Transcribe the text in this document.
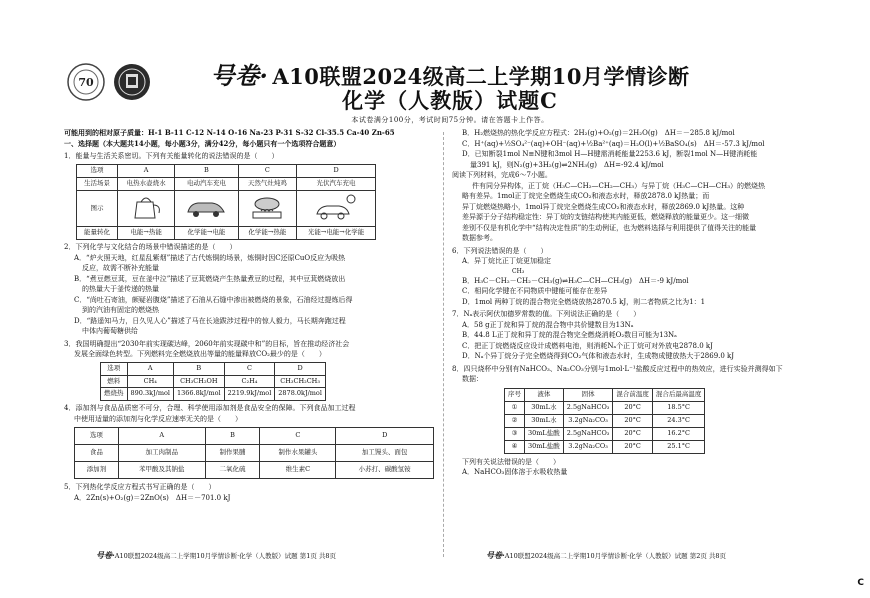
70	号卷· A10联盟2024级高二上学期10月学情诊断
化学（人教版）试题C
本试卷满分100分，考试时间75分钟。请在答题卡上作答。

可能用到的相对原子质量：H-1 B-11 C-12 N-14 O-16 Na-23 P-31 S-32 Cl-35.5 Ca-40 Zn-65

一、选择题（本大题共14小题，每小题3分，满分42分，每小题只有一个选项符合题意）

1．能量与生活关系密切。下列有关能量转化的说法错误的是（　　）

选项	A	B	C	D
生活场景	电热水壶烧水	电动汽车充电	天然气灶炖鸡	光伏汽车充电
图示				
能量转化	电能→热能	化学能→电能	化学能→热能	光能→电能→化学能

2．下列化学与文化结合的场景中错误描述的是（　　）

A．“炉火照天地，红星乱紫烟”描述了古代炼铜的场景，炼铜时因C还原CuO反应为吸热

反应，故需不断补充能量

B．“煮豆燃豆萁，豆在釜中泣”描述了豆萁燃烧产生热量煮豆的过程，其中豆萁燃烧放出

的热量大于釜传递的热量

C．“尚吐石寄油，颇疑岩腹烧”描述了石油从石缝中渗出被燃烧的景象，石油经过提炼后得

到的汽油有固定的燃烧热

D．“路遥知马力，日久见人心”描述了马在长途跋涉过程中的惊人毅力，马长期奔跑过程

中体内葡萄糖供给

3．我国明确提出“2030年前实现碳达峰，2060年前实现碳中和”的目标，旨在推动经济社会

发展全面绿色转型。下列燃料完全燃烧放出等量的能量释放CO₂最少的是（　　）

选项	A	B	C	D
燃料	CH₄	CH₃CH₂OH	C₂H₄	CH₃CH₂CH₃
燃烧热	890.3kJ/mol	1366.8kJ/mol	2219.9kJ/mol	2878.0kJ/mol

4．添加剂与食品品质密不可分，合理、科学使用添加剂是食品安全的保障。下列食品加工过程

中使用适量的添加剂与化学反应速率无关的是（　　）

选项	A	B	C	D
食品	加工肉制品	制作果脯	制作水果罐头	加工馒头、面包
添加剂	苯甲酸及其钠盐	二氧化硫	维生素C	小苏打、碳酸氢铵

5．下列热化学反应方程式书写正确的是（　　）

A．2Zn(s)+O₂(g)＝2ZnO(s)　ΔH＝－701.0 kJ

B．H₂燃烧热的热化学反应方程式：2H₂(g)+O₂(g)＝2H₂O(g)　ΔH＝－285.8 kJ/mol

C．H⁺(aq)+½SO₄²⁻(aq)+OH⁻(aq)+½Ba²⁺(aq)＝H₂O(l)+½BaSO₄(s)　ΔH＝-57.3 kJ/mol

D．已知断裂1mol N≡N键和3mol H—H键需消耗能量2253.6 kJ，断裂1mol N—H键消耗能

量391 kJ，则N₂(g)+3H₂(g)⇌2NH₃(g)　ΔH=-92.4 kJ/mol

阅读下列材料，完成6～7小题。

件有同分异构体，正丁烷（H₃C—CH₂—CH₂—CH₃）与异丁烷（H₃C—CH—CH₃）的燃烧热

略有差异。1mol正丁烷完全燃烧生成CO₂和液态水时，释放2878.0 kJ热量；而

异丁烷燃烧热略小，1mol异丁烷完全燃烧生成CO₂和液态水时，释放2869.0 kJ热量。这种

差异源于分子结构稳定性：异丁烷的支链结构使其内能更低，燃烧释放的能量更少。这一细微

差别不仅是有机化学中“结构决定性质”的生动例证，也为燃料选择与利用提供了值得关注的能量

数据参考。

6．下列说法错误的是（　　）

A．异丁烷比正丁烷更加稳定

CH₃

B．H₃C－CH₂－CH₂－CH₃(g)⇌H₃C—CH—CH₃(g)　ΔH＝-9 kJ/mol

C．相同化学键在不同物质中键能可能存在差异

D．1mol 两种丁烷的混合物完全燃烧放热2870.5 kJ，则二者物质之比为1：1

7．Nₐ表示阿伏加德罗常数的值。下列说法正确的是（　　）

A．58 g正丁烷和异丁烷的混合物中共价键数目为13Nₐ

B．44.8 L正丁烷和异丁烷的混合物完全燃烧消耗O₂数目可能为13Nₐ

C．把正丁烷燃烧反应设计成燃料电池，则消耗Nₐ个正丁烷可对外放电2878.0 kJ

D．Nₐ个异丁烷分子完全燃烧得到CO₂气体和液态水时，生成物成键放热大于2869.0 kJ

8．四只烧杯中分别有NaHCO₃、Na₂CO₃分别与1mol·L⁻¹盐酸反应过程中的热效应，进行实验并测得如下

数据：

序号	液体	固体	混合前温度	混合后最高温度
①	30mL水	2.5gNaHCO₃	20°C	18.5°C
②	30mL水	3.2gNa₂CO₃	20°C	24.3°C
③	30mL盐酸	2.5gNaHCO₃	20°C	16.2°C
④	30mL盐酸	3.2gNa₂CO₃	20°C	25.1°C

下列有关说法错误的是（　　）

A．NaHCO₃固体溶于水吸收热量

号卷·A10联盟2024级高二上学期10月学情诊断·化学（人教版）试题 第1页 共8页	号卷·A10联盟2024级高二上学期10月学情诊断·化学（人教版）试题 第2页 共8页
C
